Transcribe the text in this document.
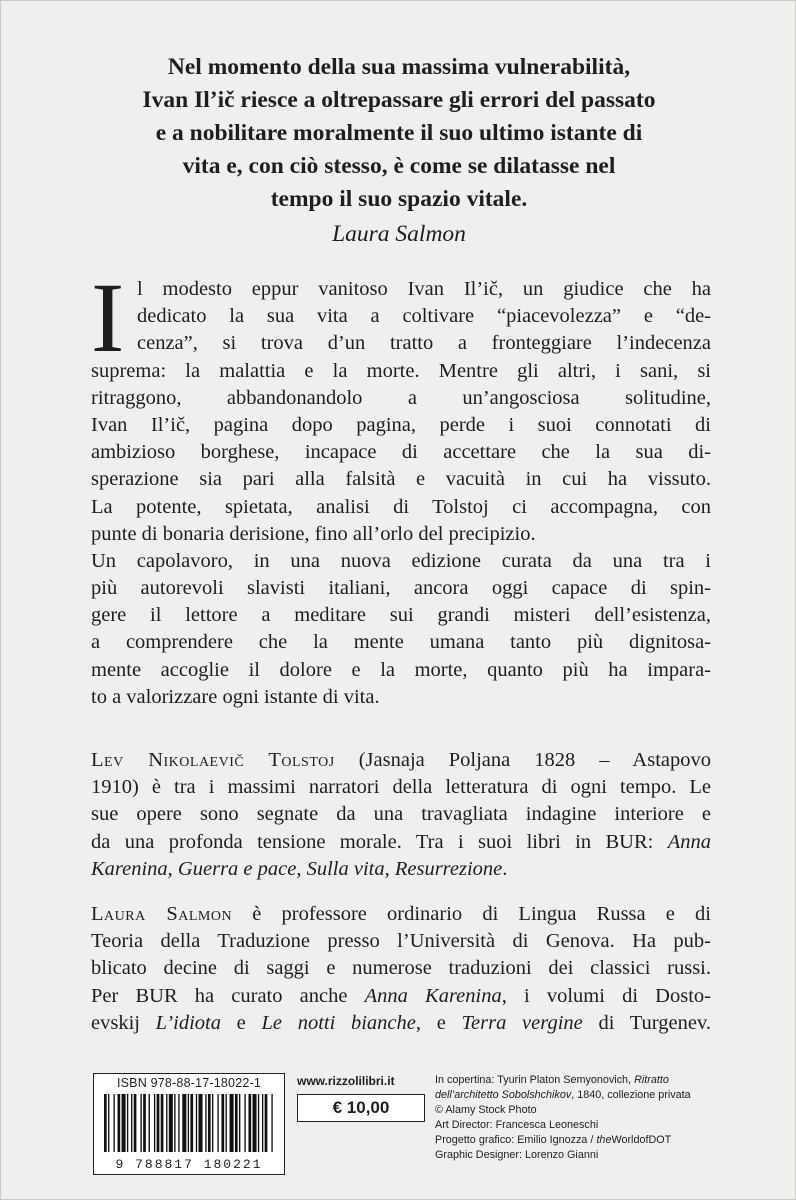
Nel momento della sua massima vulnerabilità,
Ivan Il’ič riesce a oltrepassare gli errori del passato
e a nobilitare moralmente il suo ultimo istante di
vita e, con ciò stesso, è come se dilatasse nel
tempo il suo spazio vitale.
Laura Salmon
I l modesto eppur vanitoso Ivan Il’ič, un giudice che ha
dedicato la sua vita a coltivare “piacevolezza” e “de-
cenza”, si trova d’un tratto a fronteggiare l’indecenza
suprema: la malattia e la morte. Mentre gli altri, i sani, si
ritraggono, abbandonandolo a un’angosciosa solitudine,
Ivan Il’ič, pagina dopo pagina, perde i suoi connotati di
ambizioso borghese, incapace di accettare che la sua di-
sperazione sia pari alla falsità e vacuità in cui ha vissuto.
La potente, spietata, analisi di Tolstoj ci accompagna, con
punte di bonaria derisione, fino all’orlo del precipizio.
Un capolavoro, in una nuova edizione curata da una tra i
più autorevoli slavisti italiani, ancora oggi capace di spin-
gere il lettore a meditare sui grandi misteri dell’esistenza,
a comprendere che la mente umana tanto più dignitosa-
mente accoglie il dolore e la morte, quanto più ha impara-
to a valorizzare ogni istante di vita.
Lev Nikolaevič Tolstoj (Jasnaja Poljana 1828 – Astapovo
1910) è tra i massimi narratori della letteratura di ogni tempo. Le
sue opere sono segnate da una travagliata indagine interiore e
da una profonda tensione morale. Tra i suoi libri in BUR: Anna
Karenina, Guerra e pace, Sulla vita, Resurrezione.
Laura Salmon è professore ordinario di Lingua Russa e di
Teoria della Traduzione presso l’Università di Genova. Ha pub-
blicato decine di saggi e numerose traduzioni dei classici russi.
Per BUR ha curato anche Anna Karenina, i volumi di Dosto-
evskij L’idiota e Le notti bianche, e Terra vergine di Turgenev.
ISBN 978-88-17-18022-1
9 788817 180221
www.rizzolilibri.it
€ 10,00
In copertina: Tyurin Platon Semyonovich, Ritratto
dell’architetto Sobolshchikov, 1840, collezione privata
© Alamy Stock Photo
Art Director: Francesca Leoneschi
Progetto grafico: Emilio Ignozza / theWorldofDOT
Graphic Designer: Lorenzo Gianni
